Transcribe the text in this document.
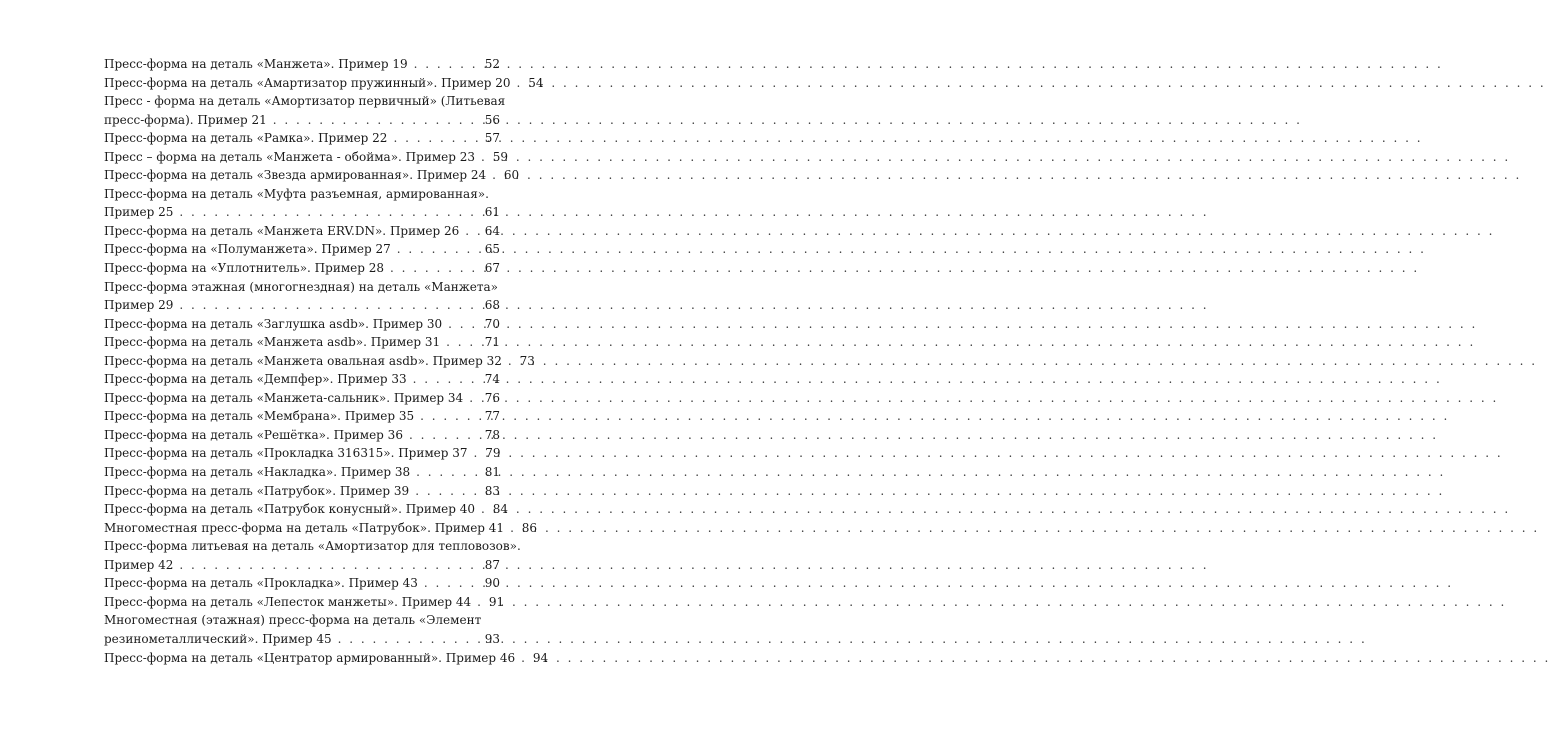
Пресс-форма на деталь «Манжета». Пример 19 . . .	52
Пресс-форма на деталь «Амартизатор пружинный». Пример 20 . . . 54
Пресс - форма на деталь «Амортизатор первичный» (Литьевая
пресс-форма). Пример 21 . . .	56
Пресс-форма на деталь «Рамка». Пример 22 . . .	57
Пресс – форма на деталь «Манжета - обойма». Пример 23 . . . 59
Пресс-форма на деталь «Звезда армированная». Пример 24 . . . 60
Пресс-форма на деталь «Муфта разъемная, армированная».
Пример 25 . . .	61
Пресс-форма на деталь «Манжета ERV.DN». Пример 26 . . . 64
Пресс-форма на «Полуманжета». Пример 27 . . .	65
Пресс-форма на «Уплотнитель». Пример 28 . . .	67
Пресс-форма этажная (многогнездная) на деталь «Манжета»
Пример 29 . . .	68
Пресс-форма на деталь «Заглушка asdb». Пример 30 . . .	70
Пресс-форма на деталь «Манжета asdb». Пример 31 . . .	71
Пресс-форма на деталь «Манжета овальная asdb». Пример 32 . . . 73
Пресс-форма на деталь «Демпфер». Пример 33 . . .	74
Пресс-форма на деталь «Манжета-сальник». Пример 34 . . . 76
Пресс-форма на деталь «Мембрана». Пример 35 . . .	77
Пресс-форма на деталь «Решётка». Пример 36 . . .	78
Пресс-форма на деталь «Прокладка 316315». Пример 37 . . . 79
Пресс-форма на деталь «Накладка». Пример 38 . . .	81
Пресс-форма на деталь «Патрубок». Пример 39 . . .	83
Пресс-форма на деталь «Патрубок конусный». Пример 40 . . . 84
Многоместная пресс-форма на деталь «Патрубок». Пример 41 . . . 86
Пресс-форма литьевая на деталь «Амортизатор для тепловозов».
Пример 42 . . .	87
Пресс-форма на деталь «Прокладка». Пример 43 . . .	90
Пресс-форма на деталь «Лепесток манжеты». Пример 44 . . . 91
Многоместная (этажная) пресс-форма на деталь «Элемент
резинометаллический». Пример 45 . . .	93
Пресс-форма на деталь «Центратор армированный». Пример 46 . . . 94
